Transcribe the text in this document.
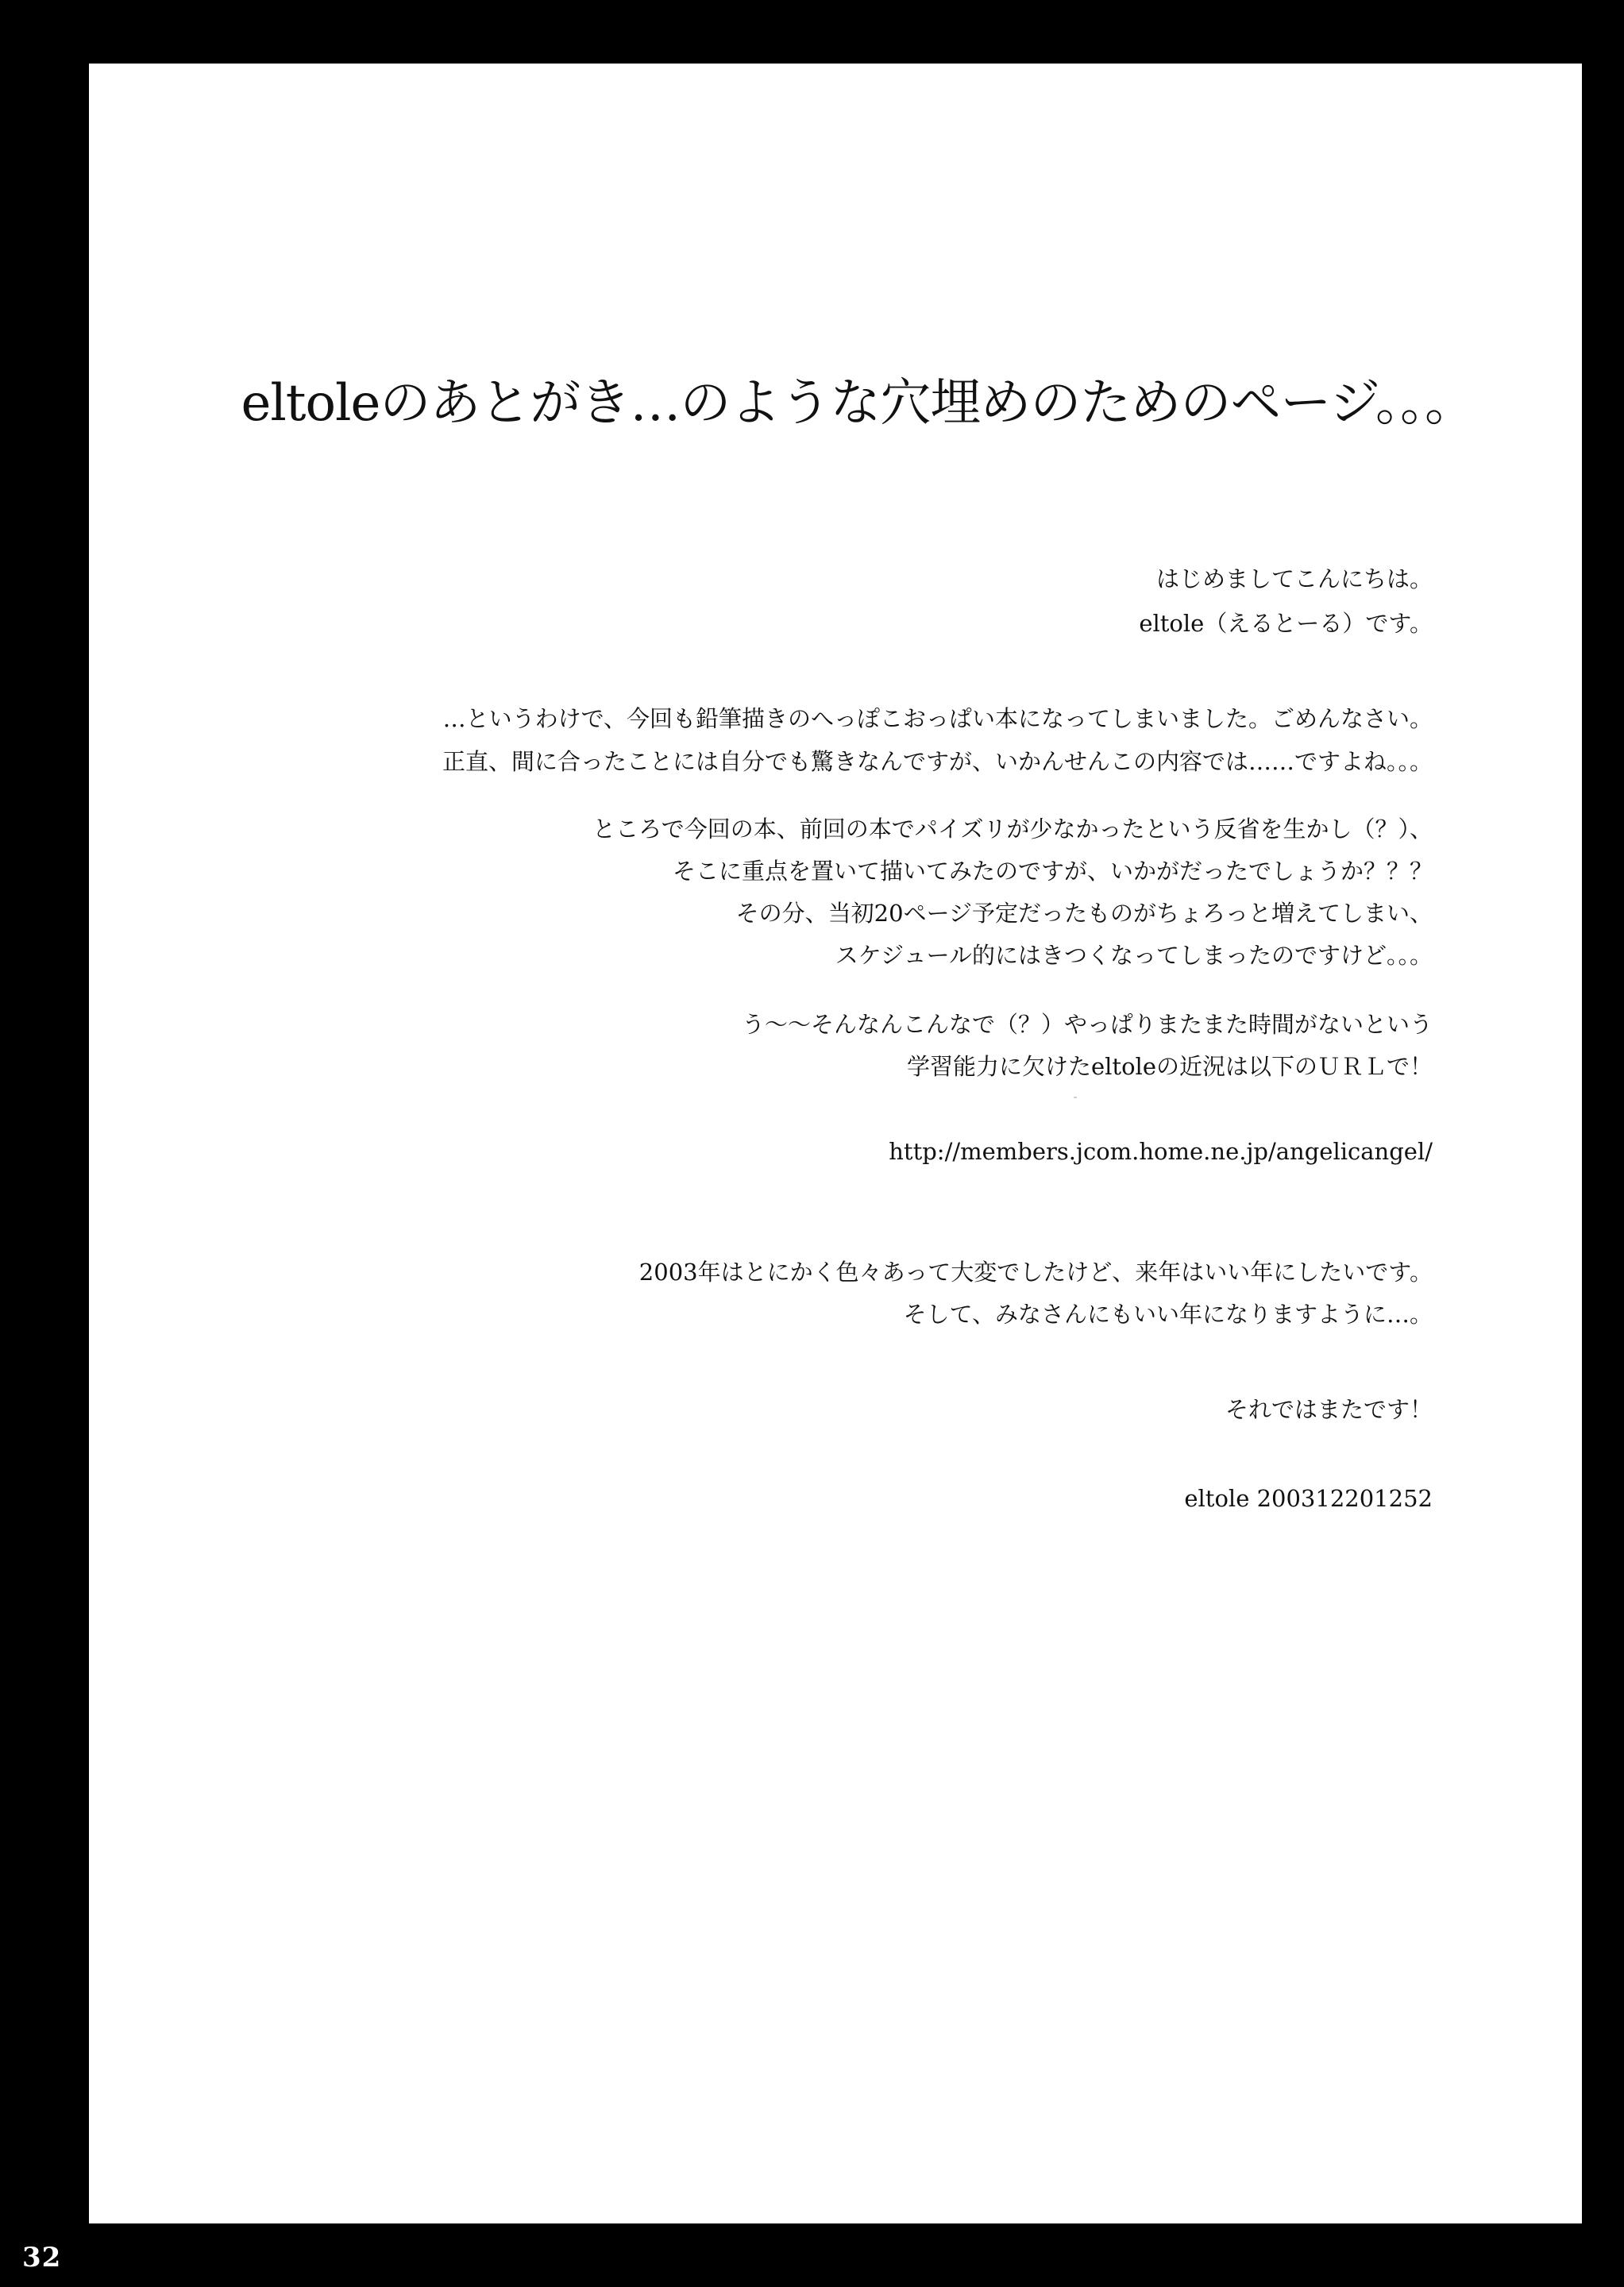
eltoleのあとがき…のような穴埋めのためのページ。。。

はじめましてこんにちは。

eltole（えるとーる）です。

…というわけで、今回も鉛筆描きのへっぽこおっぱい本になってしまいました。ごめんなさい。

正直、間に合ったことには自分でも驚きなんですが、いかんせんこの内容では……ですよね。。。

ところで今回の本、前回の本でパイズリが少なかったという反省を生かし（？）、

そこに重点を置いて描いてみたのですが、いかがだったでしょうか？？？

その分、当初20ページ予定だったものがちょろっと増えてしまい、

スケジュール的にはきつくなってしまったのですけど。。。

う～～そんなんこんなで（？）やっぱりまたまた時間がないという

学習能力に欠けたeltoleの近況は以下のＵＲＬで！

http://members.jcom.home.ne.jp/angelicangel/

2003年はとにかく色々あって大変でしたけど、来年はいい年にしたいです。

そして、みなさんにもいい年になりますように…。

それではまたです！

eltole 200312201252

32
